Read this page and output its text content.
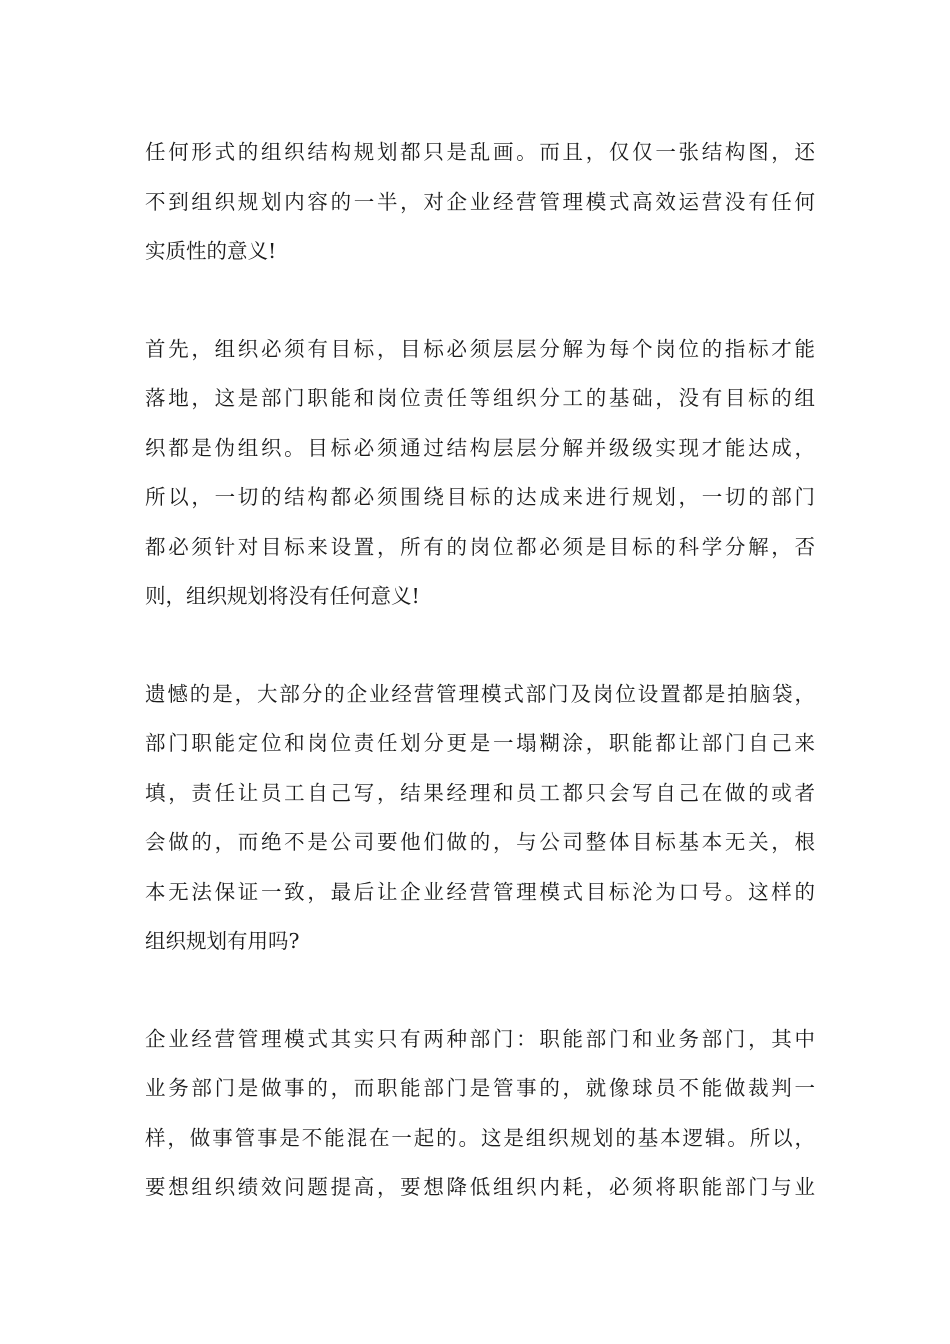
任何形式的组织结构规划都只是乱画。而且，仅仅一张结构图，还
不到组织规划内容的一半，对企业经营管理模式高效运营没有任何
实质性的意义!
首先，组织必须有目标，目标必须层层分解为每个岗位的指标才能
落地，这是部门职能和岗位责任等组织分工的基础，没有目标的组
织都是伪组织。目标必须通过结构层层分解并级级实现才能达成，
所以，一切的结构都必须围绕目标的达成来进行规划，一切的部门
都必须针对目标来设置，所有的岗位都必须是目标的科学分解，否
则，组织规划将没有任何意义!
遗憾的是，大部分的企业经营管理模式部门及岗位设置都是拍脑袋，
部门职能定位和岗位责任划分更是一塌糊涂，职能都让部门自己来
填，责任让员工自己写，结果经理和员工都只会写自己在做的或者
会做的，而绝不是公司要他们做的，与公司整体目标基本无关，根
本无法保证一致，最后让企业经营管理模式目标沦为口号。这样的
组织规划有用吗?
企业经营管理模式其实只有两种部门：职能部门和业务部门，其中
业务部门是做事的，而职能部门是管事的，就像球员不能做裁判一
样，做事管事是不能混在一起的。这是组织规划的基本逻辑。所以，
要想组织绩效问题提高，要想降低组织内耗，必须将职能部门与业
